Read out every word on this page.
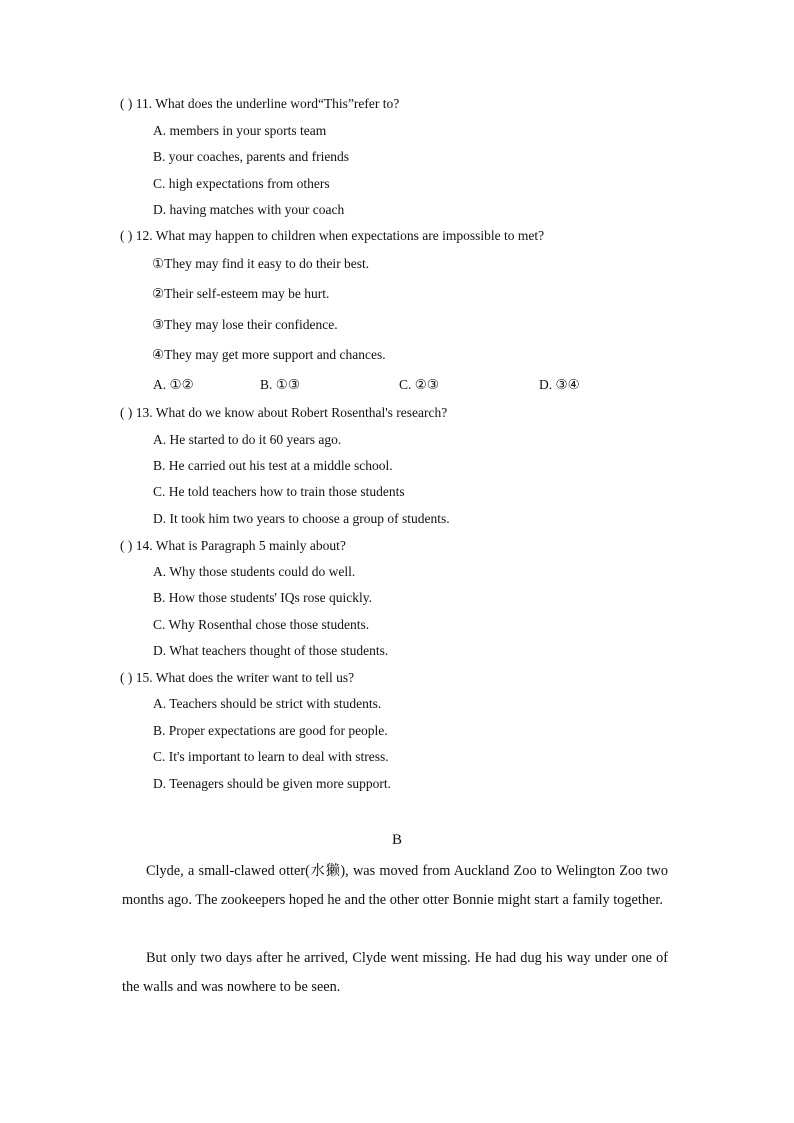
( ) 11. What does the underline word“This”refer to?
A. members in your sports team
B. your coaches, parents and friends
C. high expectations from others
D. having matches with your coach
( ) 12. What may happen to children when expectations are impossible to met?
①They may find it easy to do their best.
②Their self-esteem may be hurt.
③They may lose their confidence.
④They may get more support and chances.
A. ①②	B. ①③	C. ②③	D. ③④
( ) 13. What do we know about Robert Rosenthal's research?
A. He started to do it 60 years ago.
B. He carried out his test at a middle school.
C. He told teachers how to train those students
D. It took him two years to choose a group of students.
( ) 14. What is Paragraph 5 mainly about?
A. Why those students could do well.
B. How those students' IQs rose quickly.
C. Why Rosenthal chose those students.
D. What teachers thought of those students.
( ) 15. What does the writer want to tell us?
A. Teachers should be strict with students.
B. Proper expectations are good for people.
C. It's important to learn to deal with stress.
D. Teenagers should be given more support.
B

Clyde, a small-clawed otter(水獭), was moved from Auckland Zoo to Welington Zoo two months ago. The zookeepers hoped he and the other otter Bonnie might start a family together.

But only two days after he arrived, Clyde went missing. He had dug his way under one of the walls and was nowhere to be seen.
